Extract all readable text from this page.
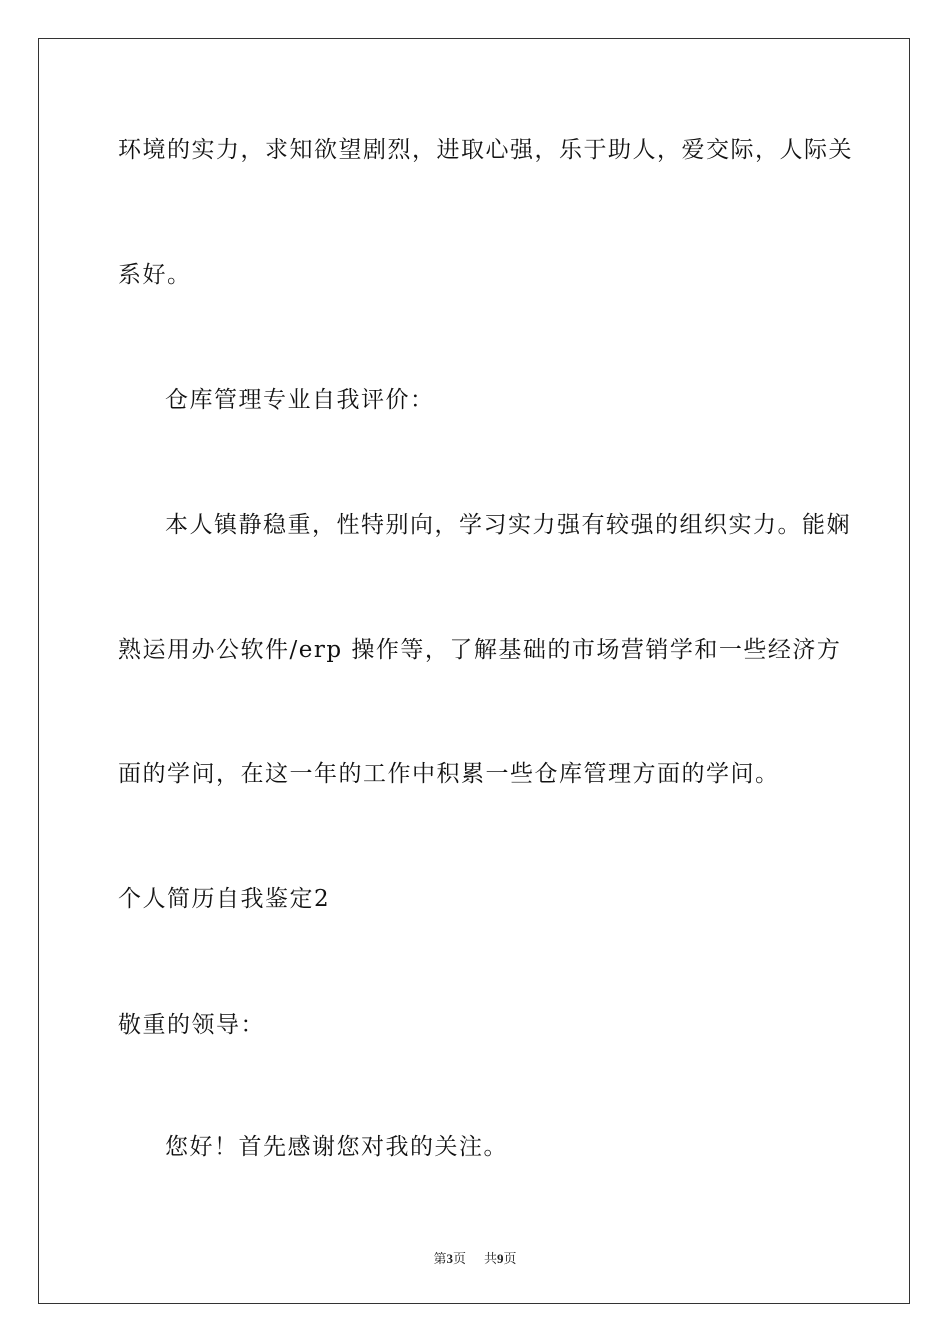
环境的实力，求知欲望剧烈，进取心强，乐于助人，爱交际，人际关
系好。
仓库管理专业自我评价：
本人镇静稳重，性特别向，学习实力强有较强的组织实力。能娴
熟运用办公软件/erp 操作等，了解基础的市场营销学和一些经济方
面的学问，在这一年的工作中积累一些仓库管理方面的学问。
个人简历自我鉴定2
敬重的领导：
您好！首先感谢您对我的关注。
第3页 共9页
